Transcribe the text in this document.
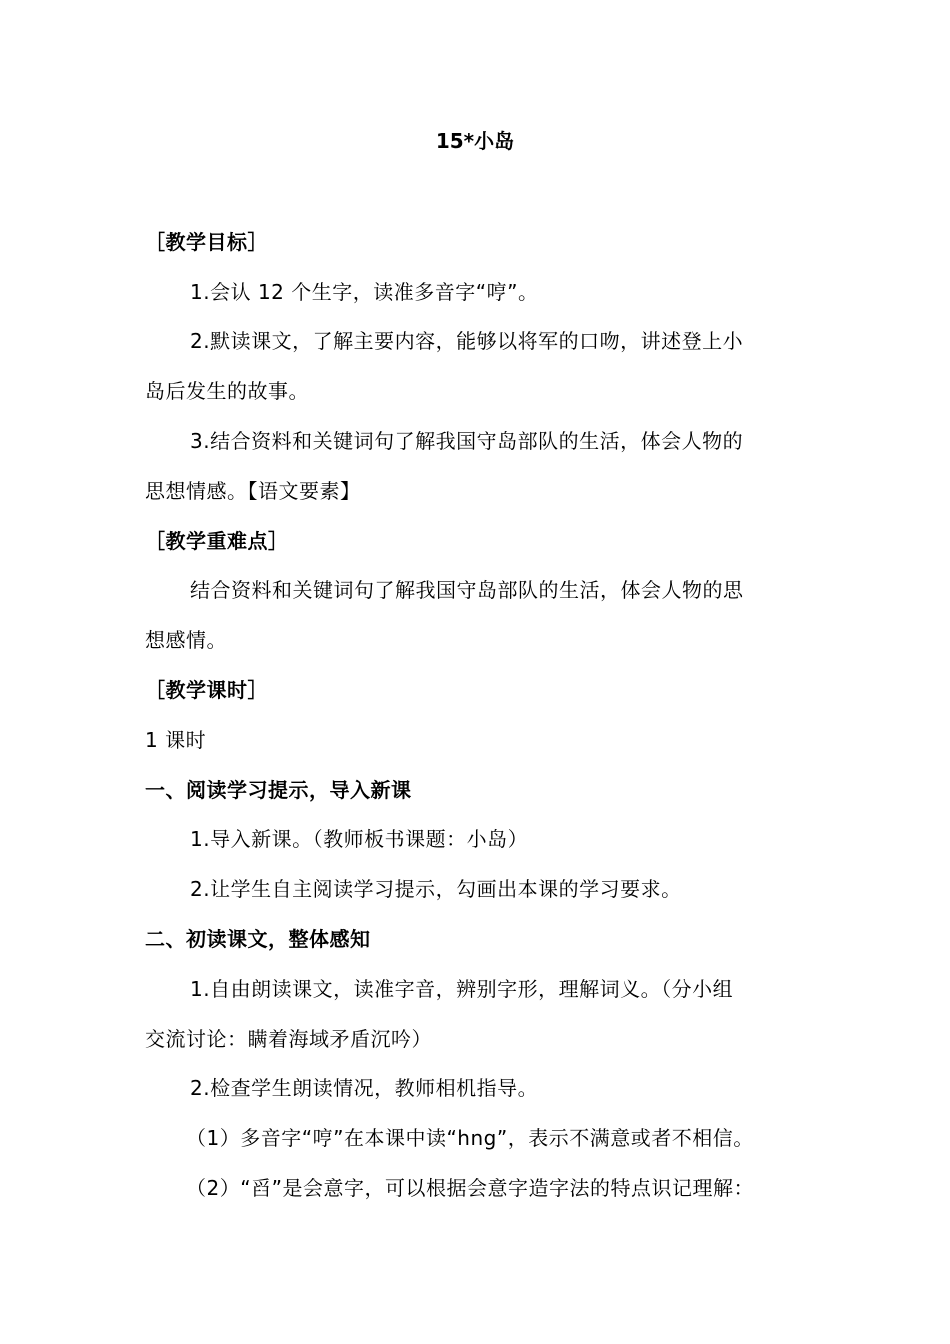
15*小岛

［教学目标］

1.会认 12 个生字，读准多音字“哼”。

2.默读课文，了解主要内容，能够以将军的口吻，讲述登上小

岛后发生的故事。

3.结合资料和关键词句了解我国守岛部队的生活，体会人物的

思想情感。【语文要素】

［教学重难点］

结合资料和关键词句了解我国守岛部队的生活，体会人物的思

想感情。

［教学课时］

1 课时

一、阅读学习提示，导入新课

1.导入新课。（教师板书课题：小岛）

2.让学生自主阅读学习提示，勾画出本课的学习要求。

二、初读课文，整体感知

1.自由朗读课文，读准字音，辨别字形，理解词义。（分小组

交流讨论：瞒着海域矛盾沉吟）

2.检查学生朗读情况，教师相机指导。

（1）多音字“哼”在本课中读“hng”，表示不满意或者不相信。

（2）“舀”是会意字，可以根据会意字造字法的特点识记理解：
